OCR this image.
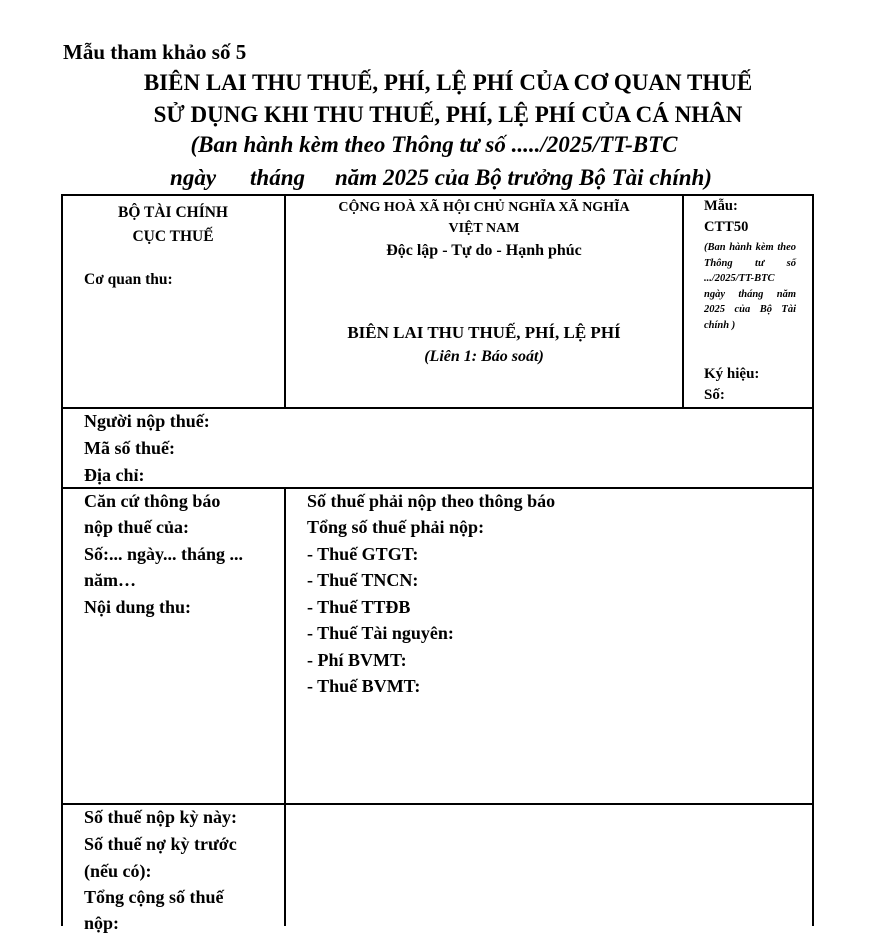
Mẫu tham khảo số 5
BIÊN LAI THU THUẾ, PHÍ, LỆ PHÍ CỦA CƠ QUAN THUẾ
SỬ DỤNG KHI THU THUẾ, PHÍ, LỆ PHÍ CỦA CÁ NHÂN
(Ban hành kèm theo Thông tư số ...../2025/TT-BTC
ngày tháng năm 2025 của Bộ trưởng Bộ Tài chính)
BỘ TÀI CHÍNH
CỤC THUẾ
Cơ quan thu:
CỘNG HOÀ XÃ HỘI CHỦ NGHĨA XÃ NGHĨA
VIỆT NAM
Độc lập - Tự do - Hạnh phúc
BIÊN LAI THU THUẾ, PHÍ, LỆ PHÍ
(Liên 1: Báo soát)
Mẫu:
CTT50
(Ban hành kèm theo Thông tư số .../2025/TT-BTC ngày tháng năm 2025 của Bộ Tài chính )
Ký hiệu:
Số:
Người nộp thuế:
Mã số thuế:
Địa chỉ:
Căn cứ thông báo
nộp thuế của:
Số:... ngày... tháng ...
năm…
Nội dung thu:
Số thuế phải nộp theo thông báo
Tổng số thuế phải nộp:
- Thuế GTGT:
- Thuế TNCN:
- Thuế TTĐB
- Thuế Tài nguyên:
- Phí BVMT:
- Thuế BVMT:
Số thuế nộp kỳ này:
Số thuế nợ kỳ trước
(nếu có):
Tổng cộng số thuế
nộp:
